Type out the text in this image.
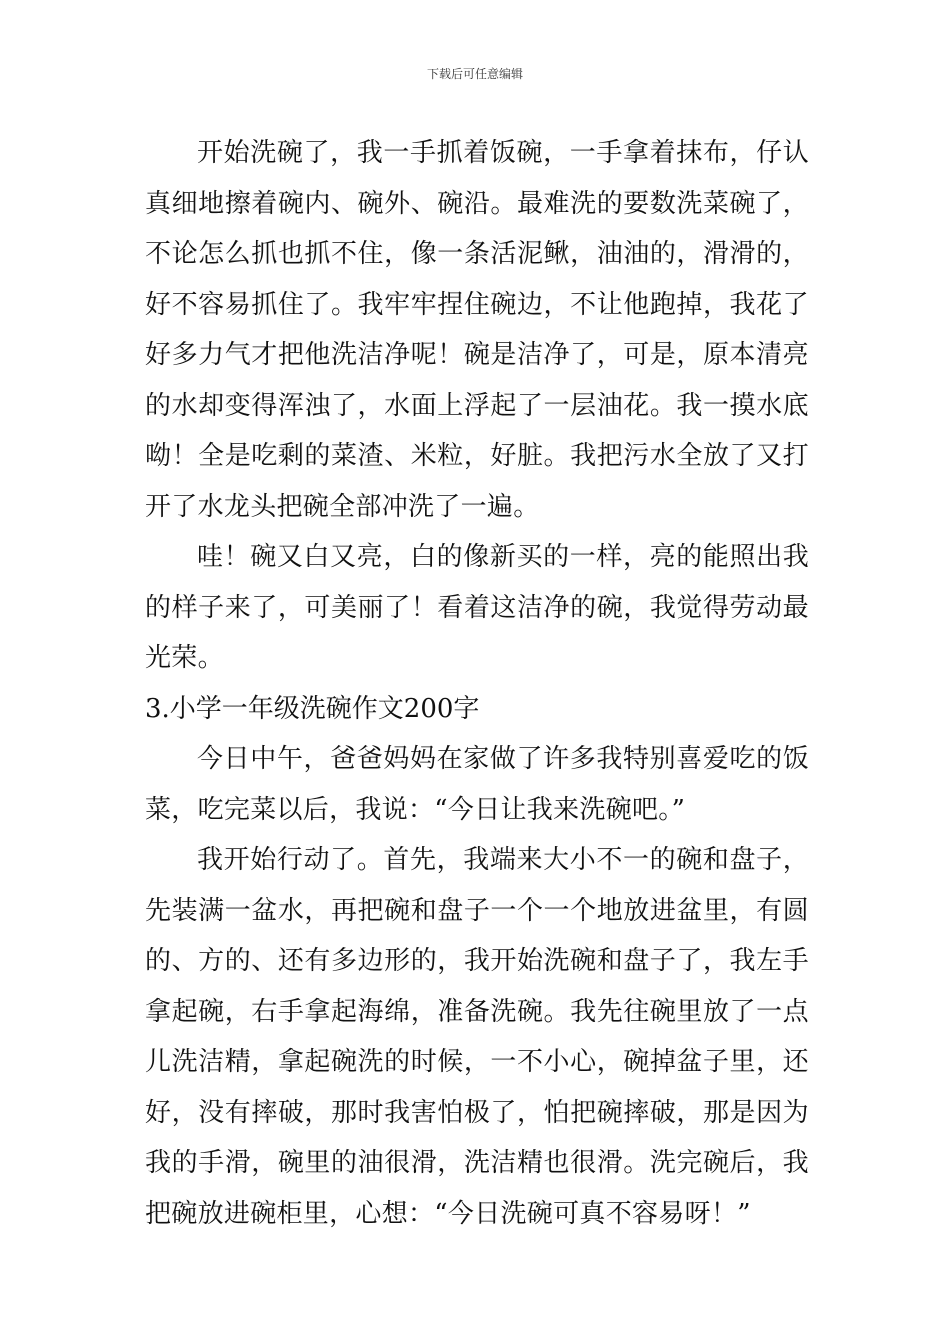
下载后可任意编辑

开始洗碗了，我一手抓着饭碗，一手拿着抹布，仔认真细地擦着碗内、碗外、碗沿。最难洗的要数洗菜碗了，不论怎么抓也抓不住，像一条活泥鳅，油油的，滑滑的，好不容易抓住了。我牢牢捏住碗边，不让他跑掉，我花了好多力气才把他洗洁净呢！碗是洁净了，可是，原本清亮的水却变得浑浊了，水面上浮起了一层油花。我一摸水底呦！全是吃剩的菜渣、米粒，好脏。我把污水全放了又打开了水龙头把碗全部冲洗了一遍。

哇！碗又白又亮，白的像新买的一样，亮的能照出我的样子来了，可美丽了！看着这洁净的碗，我觉得劳动最光荣。

3.小学一年级洗碗作文200字

今日中午，爸爸妈妈在家做了许多我特别喜爱吃的饭菜，吃完菜以后，我说：“今日让我来洗碗吧。”

我开始行动了。首先，我端来大小不一的碗和盘子，先装满一盆水，再把碗和盘子一个一个地放进盆里，有圆的、方的、还有多边形的，我开始洗碗和盘子了，我左手拿起碗，右手拿起海绵，准备洗碗。我先往碗里放了一点儿洗洁精，拿起碗洗的时候，一不小心，碗掉盆子里，还好，没有摔破，那时我害怕极了，怕把碗摔破，那是因为我的手滑，碗里的油很滑，洗洁精也很滑。洗完碗后，我把碗放进碗柜里，心想：“今日洗碗可真不容易呀！”
